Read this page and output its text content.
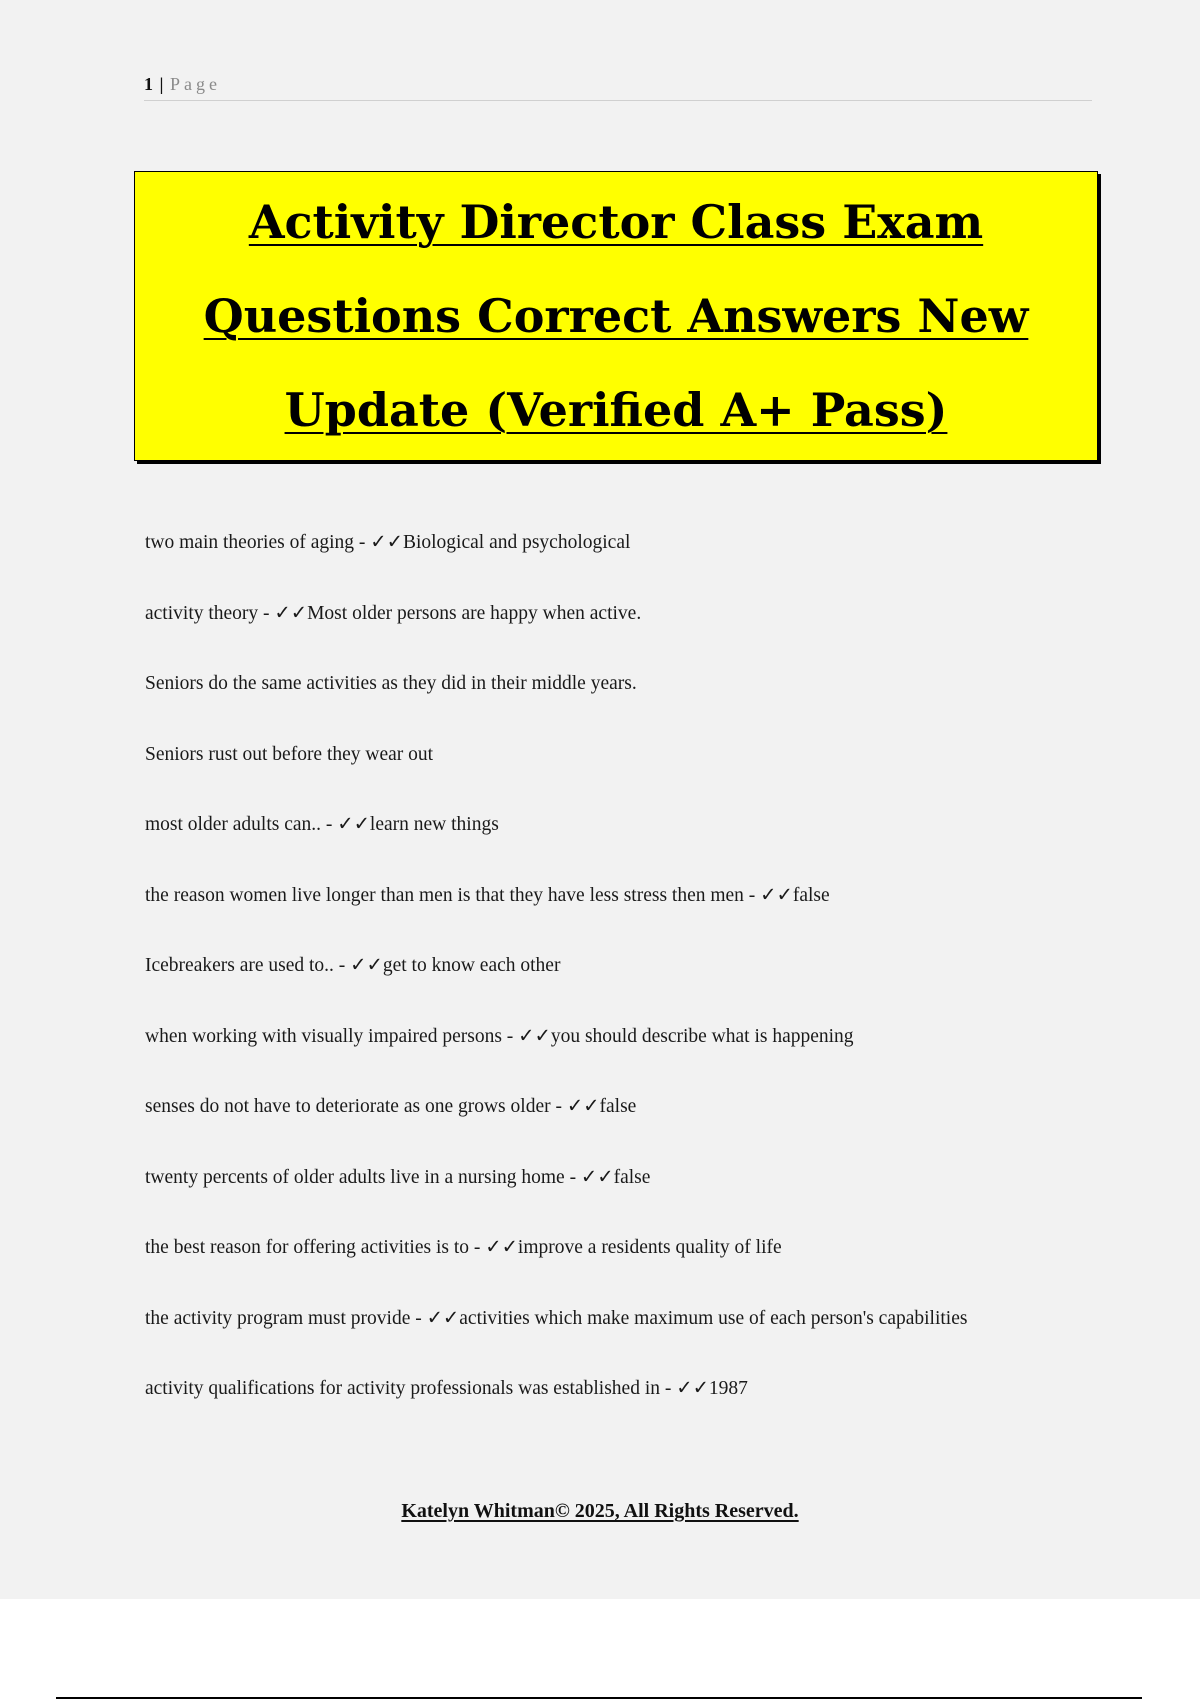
1 | Page
Activity Director Class Exam
Questions Correct Answers New
Update (Verified A+ Pass)
two main theories of aging - ✓✓Biological and psychological
activity theory - ✓✓Most older persons are happy when active.
Seniors do the same activities as they did in their middle years.
Seniors rust out before they wear out
most older adults can.. - ✓✓learn new things
the reason women live longer than men is that they have less stress then men - ✓✓false
Icebreakers are used to.. - ✓✓get to know each other
when working with visually impaired persons - ✓✓you should describe what is happening
senses do not have to deteriorate as one grows older - ✓✓false
twenty percents of older adults live in a nursing home - ✓✓false
the best reason for offering activities is to - ✓✓improve a residents quality of life
the activity program must provide - ✓✓activities which make maximum use of each person's capabilities
activity qualifications for activity professionals was established in - ✓✓1987
Katelyn Whitman© 2025, All Rights Reserved.
